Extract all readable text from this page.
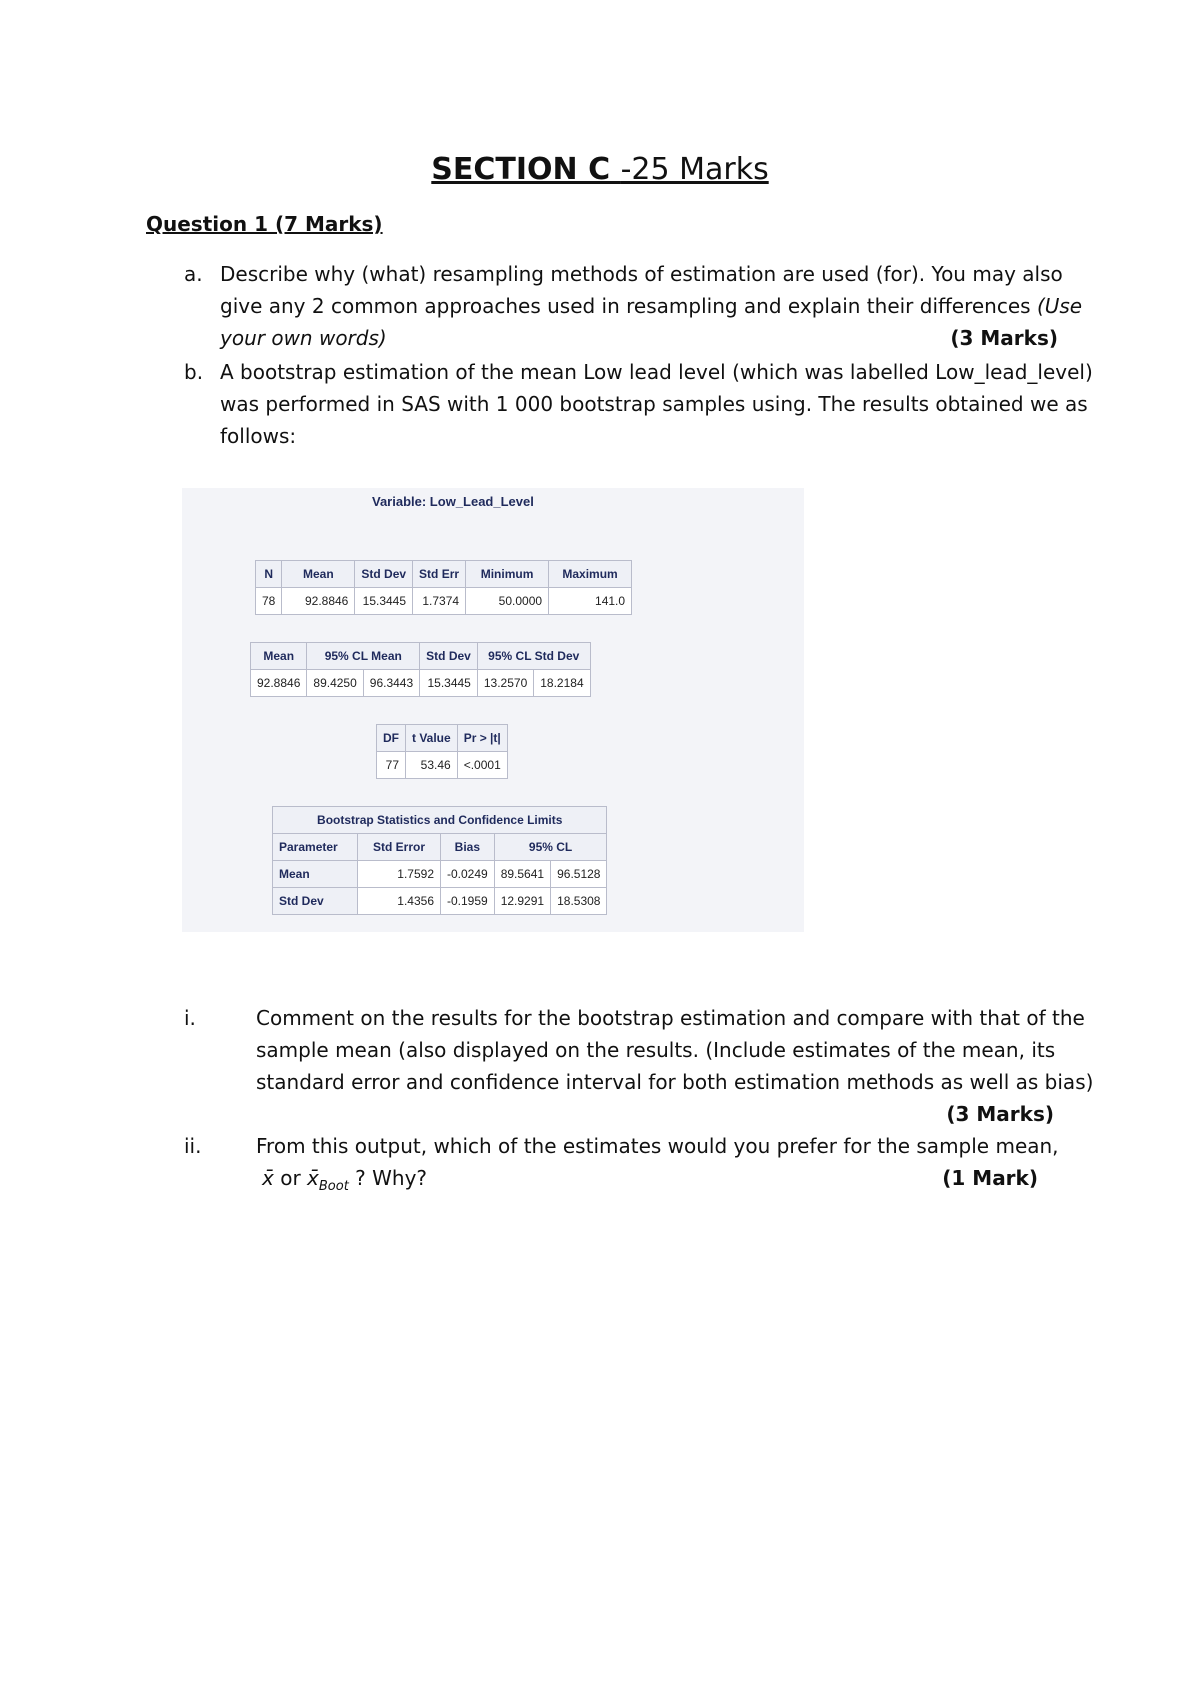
SECTION C -25 Marks
Question 1 (7 Marks)
a. Describe why (what) resampling methods of estimation are used (for). You may also
give any 2 common approaches used in resampling and explain their differences (Use
your own words)	(3 Marks)
b. A bootstrap estimation of the mean Low lead level (which was labelled Low_lead_level)
was performed in SAS with 1 000 bootstrap samples using. The results obtained we as
follows:
Variable: Low_Lead_Level
N	Mean	Std Dev	Std Err	Minimum	Maximum
78	92.8846	15.3445	1.7374	50.0000	141.0
Mean	95% CL Mean		Std Dev	95% CL Std Dev	
92.8846	89.4250	96.3443	15.3445	13.2570	18.2184
DF	t Value	Pr > |t|
77	53.46	<.0001
Bootstrap Statistics and Confidence Limits				
Parameter	Std Error	Bias	95% CL	
Mean	1.7592	-0.0249	89.5641	96.5128
Std Dev	1.4356	-0.1959	12.9291	18.5308
i.	Comment on the results for the bootstrap estimation and compare with that of the
sample mean (also displayed on the results. (Include estimates of the mean, its
standard error and confidence interval for both estimation methods as well as bias)
(3 Marks)
ii.	From this output, which of the estimates would you prefer for the sample mean,
x̄ or $x̄_{Boot}$ ? Why?	(1 Mark)
